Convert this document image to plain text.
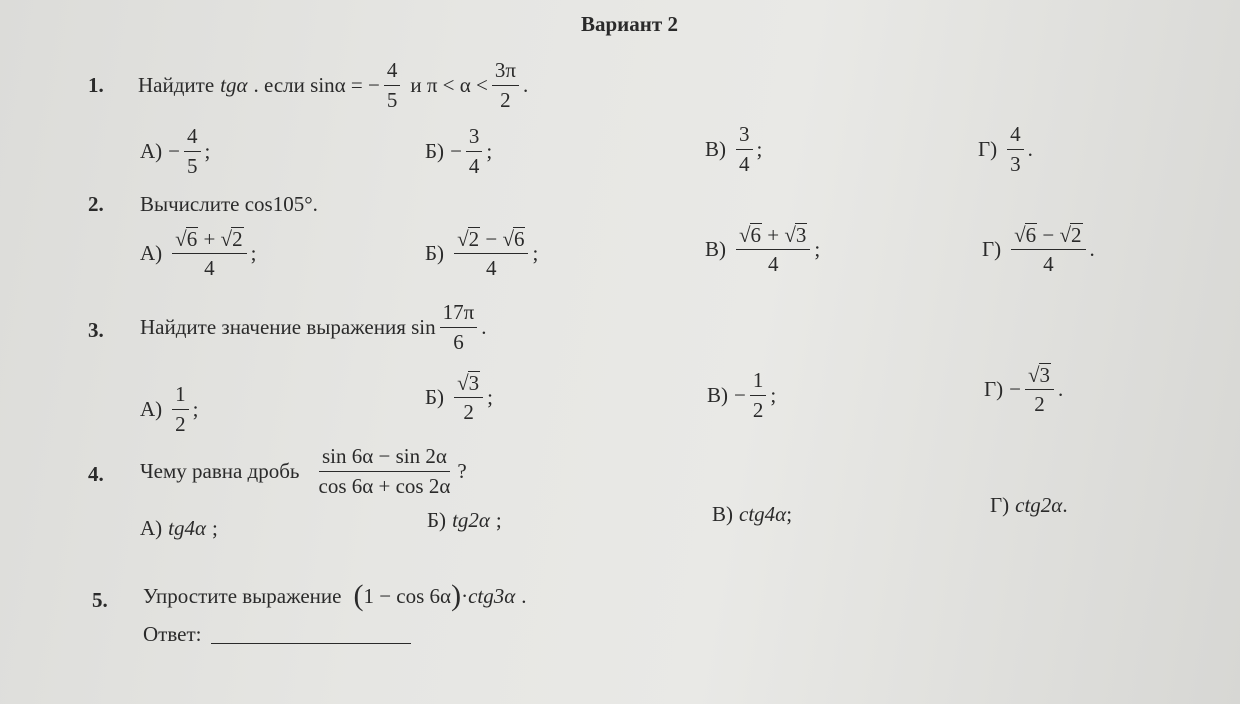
Вариант 2
1. Найдите tgα . если sinα = − $\frac{4}{5}$ и $\pi < \alpha < \frac{3\pi}{2}$ .
$А) - \frac{4}{5}$ ;	$Б) - \frac{3}{4}$ ;	$В) \frac{3}{4}$ ;	$Г) \frac{4}{3}$ .
2. Вычислите cos105°.
$А) \frac{√6 + √2}{4}$ ;	$Б) \frac{√2 - √6}{4}$ ;	$В) \frac{√6 + √3}{4}$ ;	$Г) \frac{√6 - √2}{4}$ .
3. Найдите значение выражения $\sin \frac{17\pi}{6}$ .
$А) \frac{1}{2}$ ;	$Б) \frac{√3}{2}$ ;	$В) - \frac{1}{2}$ ;	$Г) - \frac{√3}{2}$ .
4. Чему равна дробь $\frac{\sin 6\alpha - \sin 2\alpha}{\cos 6\alpha + \cos 2\alpha}$ ?
А) tg4α ;	Б) tg2α ;	В) ctg4α ;	Г) ctg2α .
5. Упростите выражение ( 1 − cos 6α ) · ctg3α .
Ответ:
